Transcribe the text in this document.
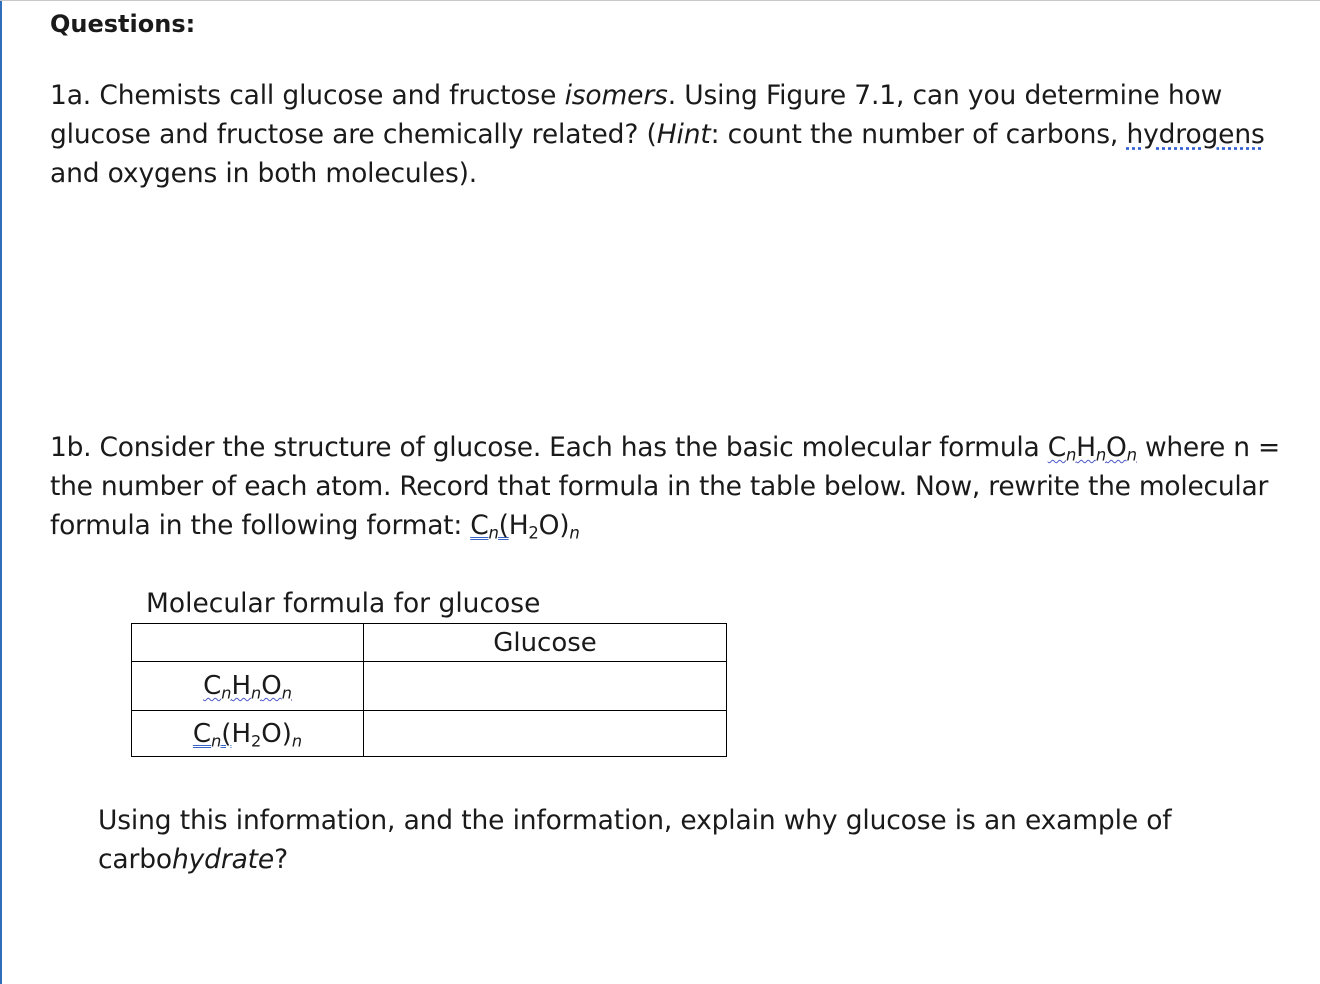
Questions:
1a. Chemists call glucose and fructose isomers. Using Figure 7.1, can you determine how
glucose and fructose are chemically related? (Hint: count the number of carbons, hydrogens
and oxygens in both molecules).
1b. Consider the structure of glucose. Each has the basic molecular formula $C_nH_nO_n$ where n =
the number of each atom. Record that formula in the table below. Now, rewrite the molecular
formula in the following format: $C_n(H_2O)_n$
Molecular formula for glucose
	Glucose
$C_nH_nO_n$	
$C_n(H_2O)_n$	
Using this information, and the information, explain why glucose is an example of
carbohydrate?
